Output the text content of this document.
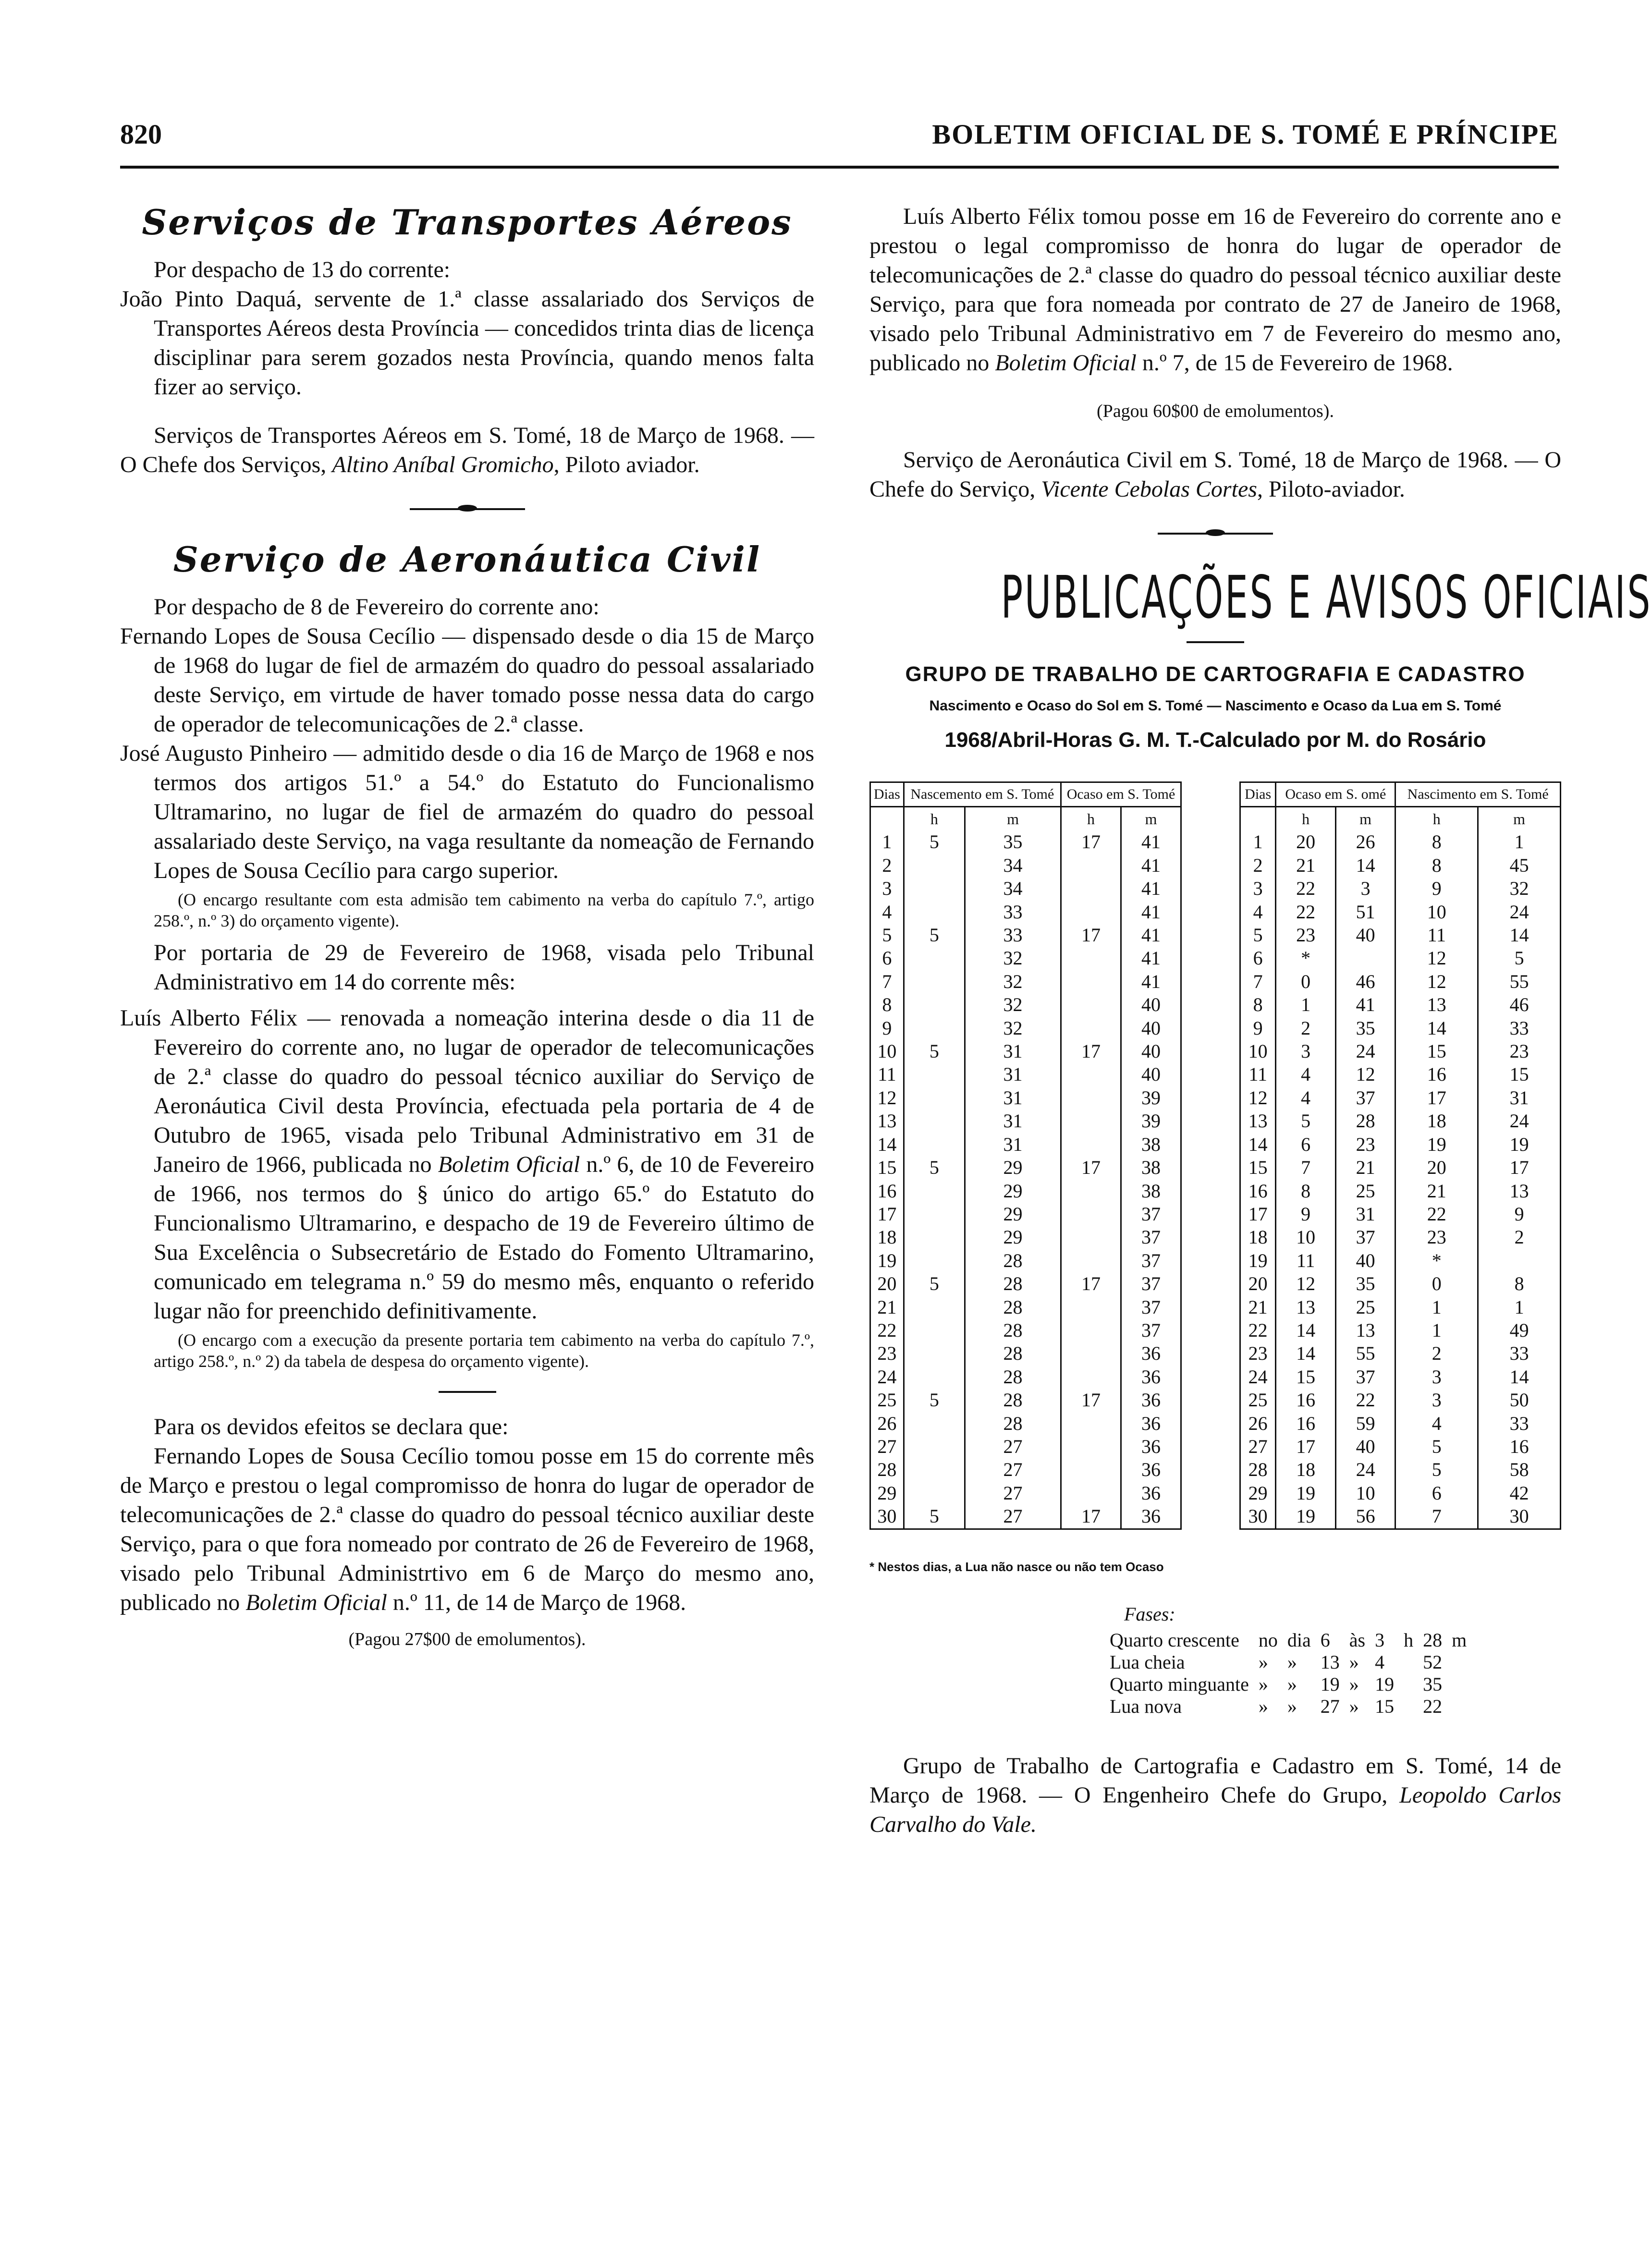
820	BOLETIM OFICIAL DE S. TOMÉ E PRÍNCIPE
Serviços de Transportes Aéreos

Por despacho de 13 do corrente:

João Pinto Daquá, servente de 1.ª classe assalariado dos Serviços de Transportes Aéreos desta Província — concedidos trinta dias de licença disciplinar para serem gozados nesta Província, quando menos falta fizer ao serviço.

Serviços de Transportes Aéreos em S. Tomé, 18 de Março de 1968. — O Chefe dos Serviços, Altino Aníbal Gromicho, Piloto aviador.

Serviço de Aeronáutica Civil

Por despacho de 8 de Fevereiro do corrente ano:

Fernando Lopes de Sousa Cecílio — dispensado desde o dia 15 de Março de 1968 do lugar de fiel de armazém do quadro do pessoal assalariado deste Serviço, em virtude de haver tomado posse nessa data do cargo de operador de telecomunicações de 2.ª classe.

José Augusto Pinheiro — admitido desde o dia 16 de Março de 1968 e nos termos dos artigos 51.º a 54.º do Estatuto do Funcionalismo Ultramarino, no lugar de fiel de armazém do quadro do pessoal assalariado deste Serviço, na vaga resultante da nomeação de Fernando Lopes de Sousa Cecílio para cargo superior.

(O encargo resultante com esta admisão tem cabimento na verba do capítulo 7.º, artigo 258.º, n.º 3) do orçamento vigente).

Por portaria de 29 de Fevereiro de 1968, visada pelo Tribunal Administrativo em 14 do corrente mês:

Luís Alberto Félix — renovada a nomeação interina desde o dia 11 de Fevereiro do corrente ano, no lugar de operador de telecomunicações de 2.ª classe do quadro do pessoal técnico auxiliar do Serviço de Aeronáutica Civil desta Província, efectuada pela portaria de 4 de Outubro de 1965, visada pelo Tribunal Administrativo em 31 de Janeiro de 1966, publicada no Boletim Oficial n.º 6, de 10 de Fevereiro de 1966, nos termos do § único do artigo 65.º do Estatuto do Funcionalismo Ultramarino, e despacho de 19 de Fevereiro último de Sua Excelência o Subsecretário de Estado do Fomento Ultramarino, comunicado em telegrama n.º 59 do mesmo mês, enquanto o referido lugar não for preenchido definitivamente.

(O encargo com a execução da presente portaria tem cabimento na verba do capítulo 7.º, artigo 258.º, n.º 2) da tabela de despesa do orçamento vigente).

Para os devidos efeitos se declara que:

Fernando Lopes de Sousa Cecílio tomou posse em 15 do corrente mês de Março e prestou o legal compromisso de honra do lugar de operador de telecomunicações de 2.ª classe do quadro do pessoal técnico auxiliar deste Serviço, para o que fora nomeado por contrato de 26 de Fevereiro de 1968, visado pelo Tribunal Administrtivo em 6 de Março do mesmo ano, publicado no Boletim Oficial n.º 11, de 14 de Março de 1968.

(Pagou 27$00 de emolumentos).

Luís Alberto Félix tomou posse em 16 de Fevereiro do corrente ano e prestou o legal compromisso de honra do lugar de operador de telecomunicações de 2.ª classe do quadro do pessoal técnico auxiliar deste Serviço, para que fora nomeada por contrato de 27 de Janeiro de 1968, visado pelo Tribunal Administrativo em 7 de Fevereiro do mesmo ano, publicado no Boletim Oficial n.º 7, de 15 de Fevereiro de 1968.

(Pagou 60$00 de emolumentos).

Serviço de Aeronáutica Civil em S. Tomé, 18 de Março de 1968. — O Chefe do Serviço, Vicente Cebolas Cortes, Piloto-aviador.

PUBLICAÇÕES E AVISOS OFICIAIS
GRUPO DE TRABALHO DE CARTOGRAFIA E CADASTRO
Nascimento e Ocaso do Sol em S. Tomé — Nascimento e Ocaso da Lua em S. Tomé
1968/Abril-Horas G. M. T.-Calculado por M. do Rosário
Dias	Nascemento em S. Tomé		Ocaso em S. Tomé	
	h	m	h	m
1	5	35	17	41
2		34		41
3		34		41
4		33		41
5	5	33	17	41
6		32		41
7		32		41
8		32		40
9		32		40
10	5	31	17	40
11		31		40
12		31		39
13		31		39
14		31		38
15	5	29	17	38
16		29		38
17		29		37
18		29		37
19		28		37
20	5	28	17	37
21		28		37
22		28		37
23		28		36
24		28		36
25	5	28	17	36
26		28		36
27		27		36
28		27		36
29		27		36
30	5	27	17	36
Dias	Ocaso em S. omé		Nascimento em S. Tomé	
	h	m	h	m
1	20	26	8	1
2	21	14	8	45
3	22	3	9	32
4	22	51	10	24
5	23	40	11	14
6	*		12	5
7	0	46	12	55
8	1	41	13	46
9	2	35	14	33
10	3	24	15	23
11	4	12	16	15
12	4	37	17	31
13	5	28	18	24
14	6	23	19	19
15	7	21	20	17
16	8	25	21	13
17	9	31	22	9
18	10	37	23	2
19	11	40	*	
20	12	35	0	8
21	13	25	1	1
22	14	13	1	49
23	14	55	2	33
24	15	37	3	14
25	16	22	3	50
26	16	59	4	33
27	17	40	5	16
28	18	24	5	58
29	19	10	6	42
30	19	56	7	30
* Nestos dias, a Lua não nasce ou não tem Ocaso
Fases:
Quarto crescente	no	dia	6	às	3	h	28	m
Lua cheia	»	»	13	»	4		52	
Quarto minguante	»	»	19	»	19		35	
Lua nova	»	»	27	»	15		22	

Grupo de Trabalho de Cartografia e Cadastro em S. Tomé, 14 de Março de 1968. — O Engenheiro Chefe do Grupo, Leopoldo Carlos Carvalho do Vale.
